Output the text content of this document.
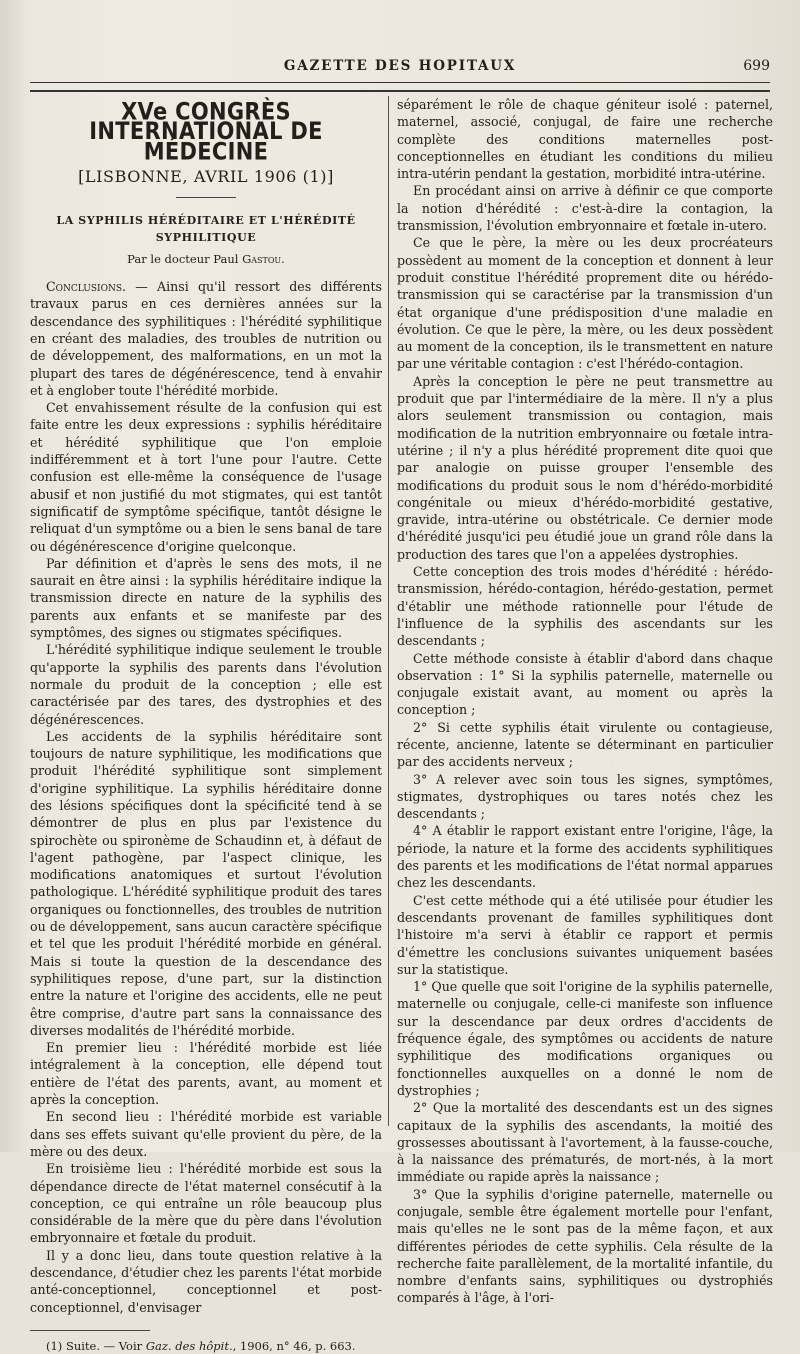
GAZETTE DES HOPITAUX	699
XVe CONGRÈS INTERNATIONAL DE MÉDECINE
[LISBONNE, AVRIL 1906 (1)]
LA SYPHILIS HÉRÉDITAIRE ET L'HÉRÉDITÉ SYPHILITIQUE
Par le docteur Paul Gastou.

Conclusions. — Ainsi qu'il ressort des différents travaux parus en ces dernières années sur la descendance des syphilitiques : l'hérédité syphilitique en créant des maladies, des troubles de nutrition ou de développement, des malformations, en un mot la plupart des tares de dégénérescence, tend à envahir et à englober toute l'hérédité morbide.

Cet envahissement résulte de la confusion qui est faite entre les deux expressions : syphilis héréditaire et hérédité syphilitique que l'on emploie indifféremment et à tort l'une pour l'autre. Cette confusion est elle-même la conséquence de l'usage abusif et non justifié du mot stigmates, qui est tantôt significatif de symptôme spécifique, tantôt désigne le reliquat d'un symptôme ou a bien le sens banal de tare ou dégénérescence d'origine quelconque.

Par définition et d'après le sens des mots, il ne saurait en être ainsi : la syphilis héréditaire indique la transmission directe en nature de la syphilis des parents aux enfants et se manifeste par des symptômes, des signes ou stigmates spécifiques.

L'hérédité syphilitique indique seulement le trouble qu'apporte la syphilis des parents dans l'évolution normale du produit de la conception ; elle est caractérisée par des tares, des dystrophies et des dégénérescences.

Les accidents de la syphilis héréditaire sont toujours de nature syphilitique, les modifications que produit l'hérédité syphilitique sont simplement d'origine syphilitique. La syphilis héréditaire donne des lésions spécifiques dont la spécificité tend à se démontrer de plus en plus par l'existence du spirochète ou spironème de Schaudinn et, à défaut de l'agent pathogène, par l'aspect clinique, les modifications anatomiques et surtout l'évolution pathologique. L'hérédité syphilitique produit des tares organiques ou fonctionnelles, des troubles de nutrition ou de développement, sans aucun caractère spécifique et tel que les produit l'hérédité morbide en général. Mais si toute la question de la descendance des syphilitiques repose, d'une part, sur la distinction entre la nature et l'origine des accidents, elle ne peut être comprise, d'autre part sans la connaissance des diverses modalités de l'hérédité morbide.

En premier lieu : l'hérédité morbide est liée intégralement à la conception, elle dépend tout entière de l'état des parents, avant, au moment et après la conception.

En second lieu : l'hérédité morbide est variable dans ses effets suivant qu'elle provient du père, de la mère ou des deux.

En troisième lieu : l'hérédité morbide est sous la dépendance directe de l'état maternel consécutif à la conception, ce qui entraîne un rôle beaucoup plus considérable de la mère que du père dans l'évolution embryonnaire et fœtale du produit.

Il y a donc lieu, dans toute question relative à la descendance, d'étudier chez les parents l'état morbide anté-conceptionnel, conceptionnel et post-conceptionnel, d'envisager

(1) Suite. — Voir Gaz. des hôpit., 1906, n° 46, p. 663.

séparément le rôle de chaque géniteur isolé : paternel, maternel, associé, conjugal, de faire une recherche complète des conditions maternelles post-conceptionnelles en étudiant les conditions du milieu intra-utérin pendant la gestation, morbidité intra-utérine.

En procédant ainsi on arrive à définir ce que comporte la notion d'hérédité : c'est-à-dire la contagion, la transmission, l'évolution embryonnaire et fœtale in-utero.

Ce que le père, la mère ou les deux procréateurs possèdent au moment de la conception et donnent à leur produit constitue l'hérédité proprement dite ou hérédo-transmission qui se caractérise par la transmission d'un état organique d'une prédisposition d'une maladie en évolution. Ce que le père, la mère, ou les deux possèdent au moment de la conception, ils le transmettent en nature par une véritable contagion : c'est l'hérédo-contagion.

Après la conception le père ne peut transmettre au produit que par l'intermédiaire de la mère. Il n'y a plus alors seulement transmission ou contagion, mais modification de la nutrition embryonnaire ou fœtale intra-utérine ; il n'y a plus hérédité proprement dite quoi que par analogie on puisse grouper l'ensemble des modifications du produit sous le nom d'hérédo-morbidité congénitale ou mieux d'hérédo-morbidité gestative, gravide, intra-utérine ou obstétricale. Ce dernier mode d'hérédité jusqu'ici peu étudié joue un grand rôle dans la production des tares que l'on a appelées dystrophies.

Cette conception des trois modes d'hérédité : hérédo-transmission, hérédo-contagion, hérédo-gestation, permet d'établir une méthode rationnelle pour l'étude de l'influence de la syphilis des ascendants sur les descendants ;

Cette méthode consiste à établir d'abord dans chaque observation : 1° Si la syphilis paternelle, maternelle ou conjugale existait avant, au moment ou après la conception ;

2° Si cette syphilis était virulente ou contagieuse, récente, ancienne, latente se déterminant en particulier par des accidents nerveux ;

3° A relever avec soin tous les signes, symptômes, stigmates, dystrophiques ou tares notés chez les descendants ;

4° A établir le rapport existant entre l'origine, l'âge, la période, la nature et la forme des accidents syphilitiques des parents et les modifications de l'état normal apparues chez les descendants.

C'est cette méthode qui a été utilisée pour étudier les descendants provenant de familles syphilitiques dont l'histoire m'a servi à établir ce rapport et permis d'émettre les conclusions suivantes uniquement basées sur la statistique.

1° Que quelle que soit l'origine de la syphilis paternelle, maternelle ou conjugale, celle-ci manifeste son influence sur la descendance par deux ordres d'accidents de fréquence égale, des symptômes ou accidents de nature syphilitique des modifications organiques ou fonctionnelles auxquelles on a donné le nom de dystrophies ;

2° Que la mortalité des descendants est un des signes capitaux de la syphilis des ascendants, la moitié des grossesses aboutissant à l'avortement, à la fausse-couche, à la naissance des prématurés, de mort-nés, à la mort immédiate ou rapide après la naissance ;

3° Que la syphilis d'origine paternelle, maternelle ou conjugale, semble être également mortelle pour l'enfant, mais qu'elles ne le sont pas de la même façon, et aux différentes périodes de cette syphilis. Cela résulte de la recherche faite parallèlement, de la mortalité infantile, du nombre d'enfants sains, syphilitiques ou dystrophiés comparés à l'âge, à l'ori-
